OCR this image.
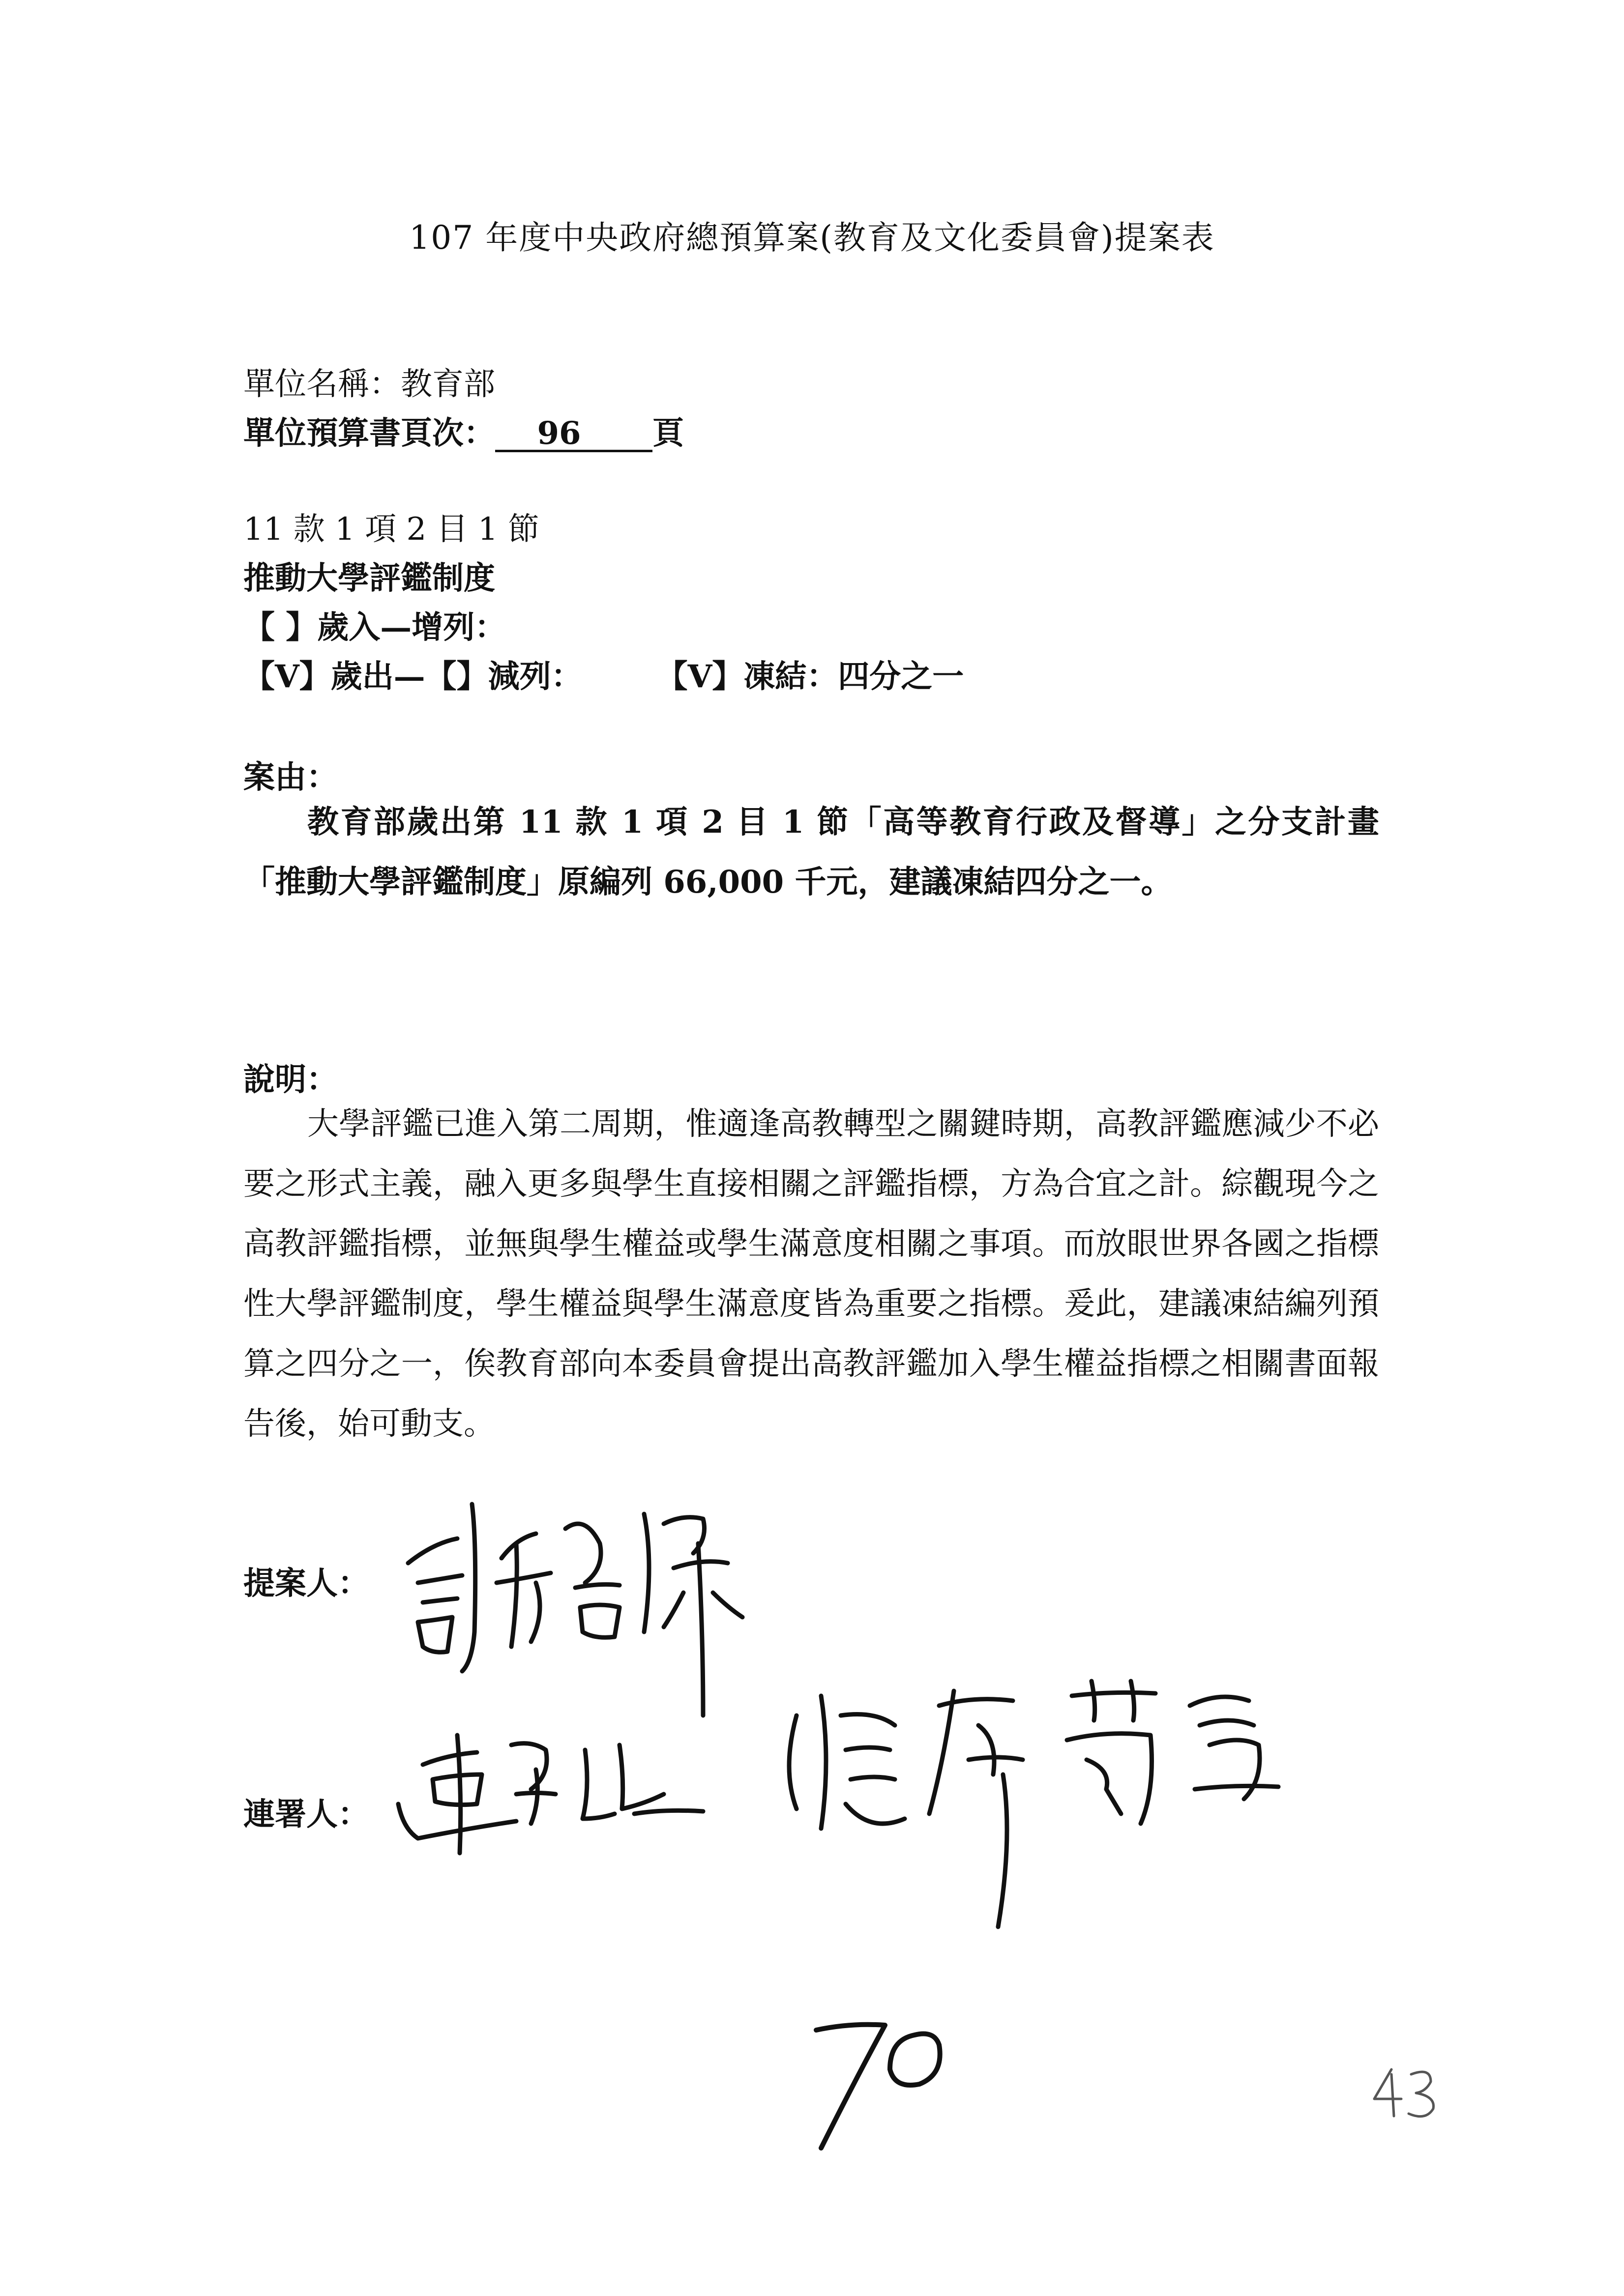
107 年度中央政府總預算案(教育及文化委員會)提案表
單位名稱：教育部
單位預算書頁次： 96 頁
11 款 1 項 2 目 1 節
推動大學評鑑制度
【 】歲入—增列：
【V】歲出—【】減列： 【V】凍結：四分之一
案由：
教育部歲出第 11 款 1 項 2 目 1 節「高等教育行政及督導」之分支計畫「推動大學評鑑制度」原編列 66,000 千元，建議凍結四分之一。
說明：
大學評鑑已進入第二周期，惟適逢高教轉型之關鍵時期，高教評鑑應減少不必要之形式主義，融入更多與學生直接相關之評鑑指標，方為合宜之計。綜觀現今之高教評鑑指標，並無與學生權益或學生滿意度相關之事項。而放眼世界各國之指標性大學評鑑制度，學生權益與學生滿意度皆為重要之指標。爰此，建議凍結編列預算之四分之一，俟教育部向本委員會提出高教評鑑加入學生權益指標之相關書面報告後，始可動支。
提案人：
連署人：
